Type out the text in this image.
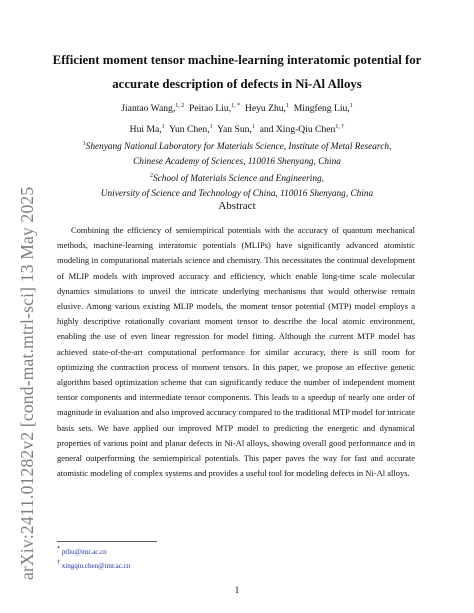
arXiv:2411.01282v2 [cond-mat.mtrl-sci] 13 May 2025
Efficient moment tensor machine-learning interatomic potential for
accurate description of defects in Ni-Al Alloys
Jiantao Wang,$^{1, 2}$ Peitao Liu,$^{1, *}$ Heyu Zhu,$^1$ Mingfeng Liu,$^1$
Hui Ma,$^1$ Yun Chen,$^1$ Yan Sun,$^1$ and Xing-Qiu Chen$^{1, \dagger}$
$^1$Shenyang National Laboratory for Materials Science, Institute of Metal Research,
Chinese Academy of Sciences, 110016 Shenyang, China
$^2$School of Materials Science and Engineering,
University of Science and Technology of China, 110016 Shenyang, China
Abstract

Combining the efficiency of semiempirical potentials with the accuracy of quantum mechanical methods, machine-learning interatomic potentials (MLIPs) have significantly advanced atomistic modeling in computational materials science and chemistry. This necessitates the continual development of MLIP models with improved accuracy and efficiency, which enable long-time scale molecular dynamics simulations to unveil the intricate underlying mechanisms that would otherwise remain elusive. Among various existing MLIP models, the moment tensor potential (MTP) model employs a highly descriptive rotationally covariant moment tensor to describe the local atomic environment, enabling the use of even linear regression for model fitting. Although the current MTP model has achieved state-of-the-art computational performance for similar accuracy, there is still room for optimizing the contraction process of moment tensors. In this paper, we propose an effective genetic algorithm based optimization scheme that can significantly reduce the number of independent moment tensor components and intermediate tensor components. This leads to a speedup of nearly one order of magnitude in evaluation and also improved accuracy compared to the traditional MTP model for intricate basis sets. We have applied our improved MTP model to predicting the energetic and dynamical properties of various point and planar defects in Ni-Al alloys, showing overall good performance and in general outperforming the semiempirical potentials. This paper paves the way for fast and accurate atomistic modeling of complex systems and provides a useful tool for modeling defects in Ni-Al alloys.

* ptliu@imr.ac.cn
† xingqiu.chen@imr.ac.cn
1
